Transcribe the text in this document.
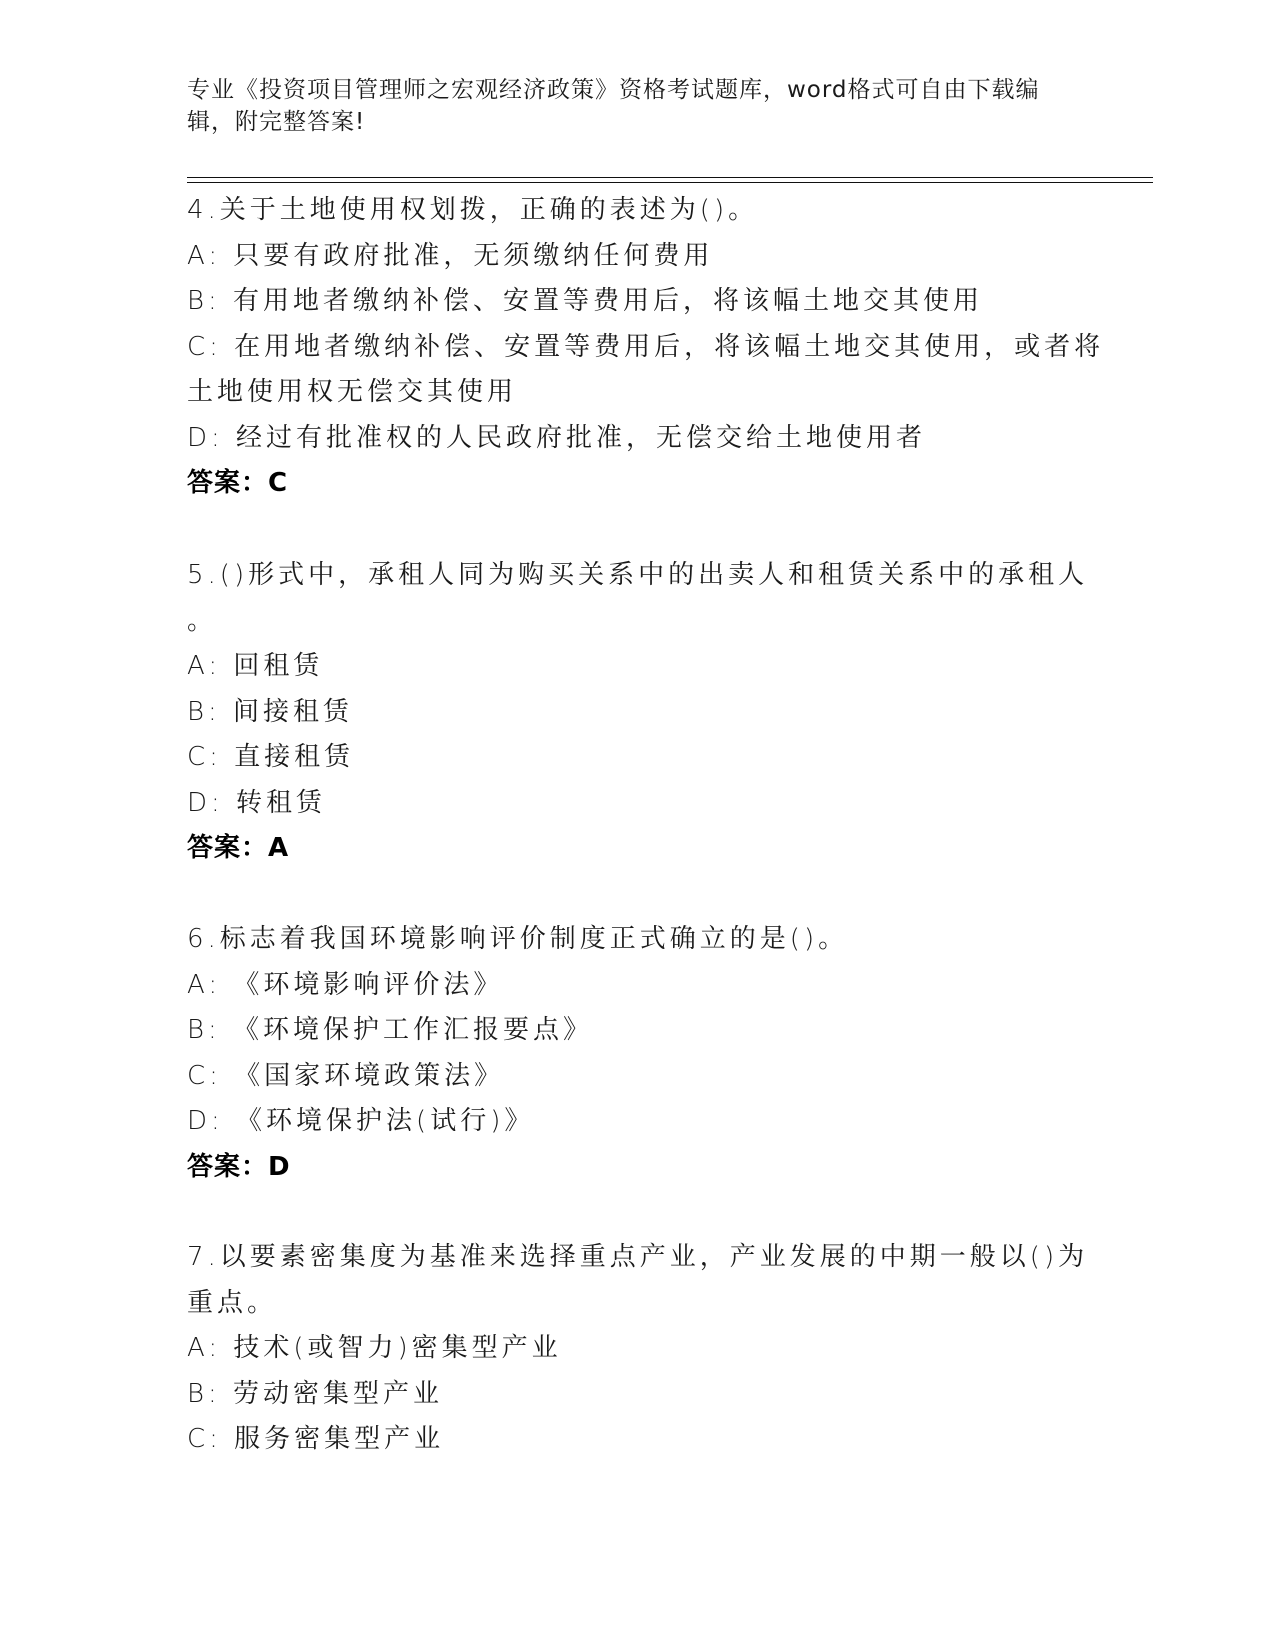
专业《投资项目管理师之宏观经济政策》资格考试题库，word格式可自由下载编
辑，附完整答案!
4.关于土地使用权划拨，正确的表述为()。
A: 只要有政府批准，无须缴纳任何费用
B: 有用地者缴纳补偿、安置等费用后，将该幅土地交其使用
C: 在用地者缴纳补偿、安置等费用后，将该幅土地交其使用，或者将
土地使用权无偿交其使用
D: 经过有批准权的人民政府批准，无偿交给土地使用者
答案：C
5.()形式中，承租人同为购买关系中的出卖人和租赁关系中的承租人
。
A: 回租赁
B: 间接租赁
C: 直接租赁
D: 转租赁
答案：A
6.标志着我国环境影响评价制度正式确立的是()。
A: 《环境影响评价法》
B: 《环境保护工作汇报要点》
C: 《国家环境政策法》
D: 《环境保护法(试行)》
答案：D
7.以要素密集度为基准来选择重点产业，产业发展的中期一般以()为
重点。
A: 技术(或智力)密集型产业
B: 劳动密集型产业
C: 服务密集型产业
